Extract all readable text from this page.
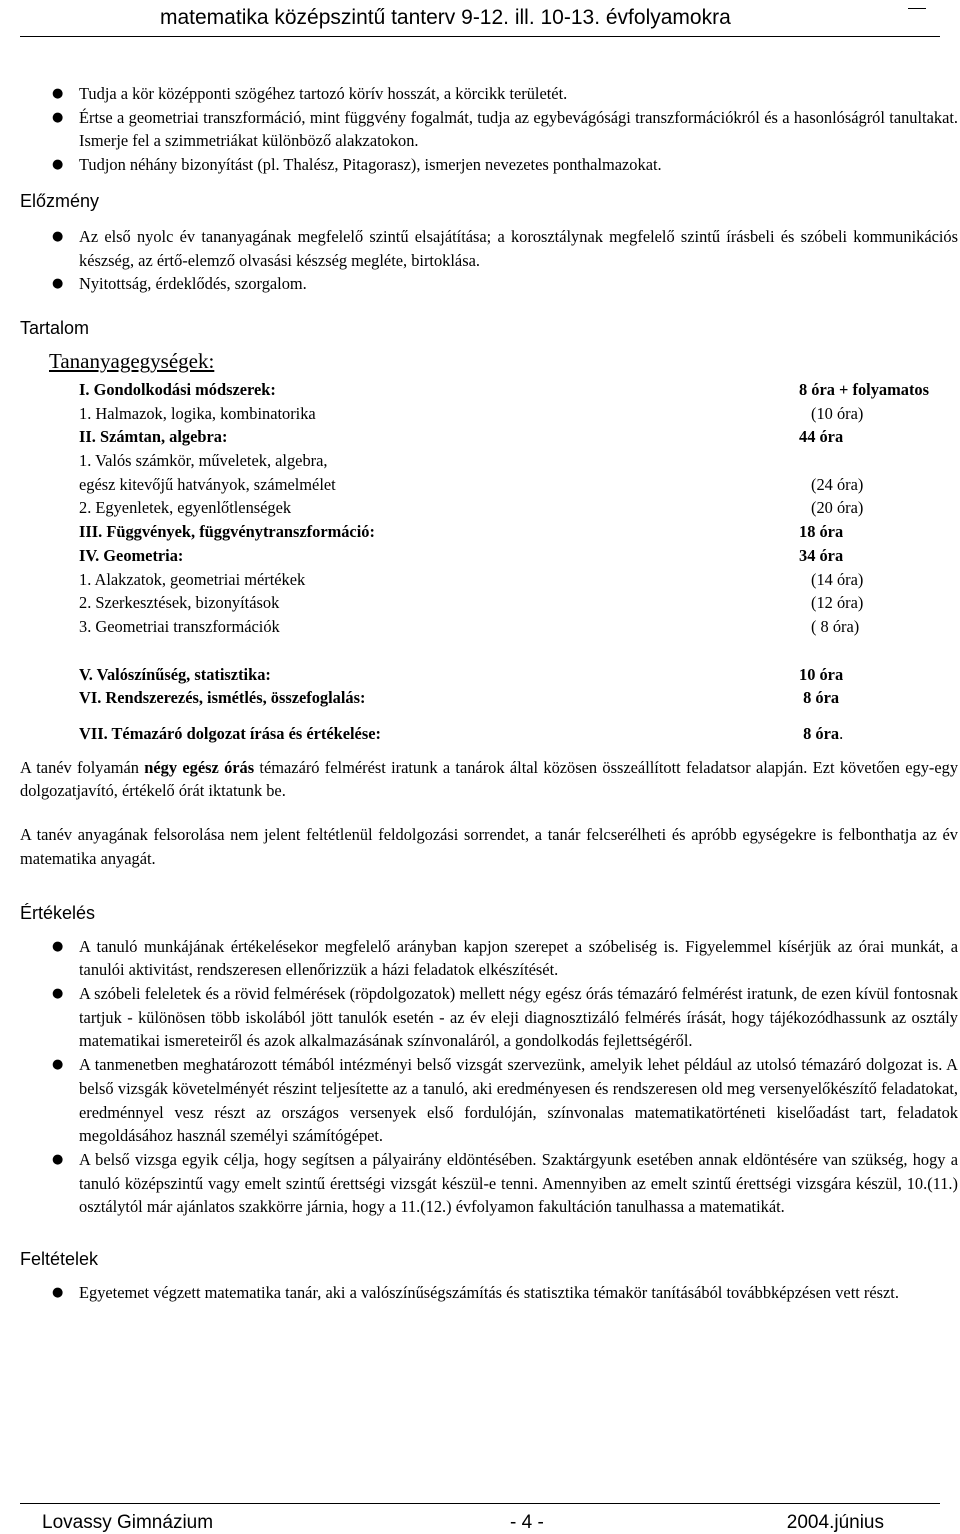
matematika középszintű tanterv 9-12. ill. 10-13. évfolyamokra
● Tudja a kör középponti szögéhez tartozó körív hosszát, a körcikk területét.
● Értse a geometriai transzformáció, mint függvény fogalmát, tudja az egybevágósági transzformációkról és a hasonlóságról tanultakat. Ismerje fel a szimmetriákat különböző alakzatokon.
● Tudjon néhány bizonyítást (pl. Thalész, Pitagorasz), ismerjen nevezetes ponthalmazokat.
Előzmény
● Az első nyolc év tananyagának megfelelő szintű elsajátítása; a korosztálynak megfelelő szintű írásbeli és szóbeli kommunikációs készség, az értő-elemző olvasási készség megléte, birtoklása.
● Nyitottság, érdeklődés, szorgalom.
Tartalom
Tananyagegységek:
I. Gondolkodási módszerek:	8 óra + folyamatos
1. Halmazok, logika, kombinatorika	(10 óra)
II. Számtan, algebra:	44 óra
1. Valós számkör, műveletek, algebra,	
egész kitevőjű hatványok, számelmélet	(24 óra)
2. Egyenletek, egyenlőtlenségek	(20 óra)
III. Függvények, függvénytranszformáció:	18 óra
IV. Geometria:	34 óra
1. Alakzatok, geometriai mértékek	(14 óra)
2. Szerkesztések, bizonyítások	(12 óra)
3. Geometriai transzformációk	( 8 óra)

V. Valószínűség, statisztika:	10 óra
VI. Rendszerezés, ismétlés, összefoglalás:	8 óra
VII. Témazáró dolgozat írása és értékelése:	8 óra.

A tanév folyamán négy egész órás témazáró felmérést iratunk a tanárok által közösen összeállított feladatsor alapján. Ezt követően egy-egy dolgozatjavító, értékelő órát iktatunk be.

A tanév anyagának felsorolása nem jelent feltétlenül feldolgozási sorrendet, a tanár felcserélheti és apróbb egységekre is felbonthatja az év matematika anyagát.

Értékelés
● A tanuló munkájának értékelésekor megfelelő arányban kapjon szerepet a szóbeliség is. Figyelemmel kísérjük az órai munkát, a tanulói aktivitást, rendszeresen ellenőrizzük a házi feladatok elkészítését.
● A szóbeli feleletek és a rövid felmérések (röpdolgozatok) mellett négy egész órás témazáró felmérést iratunk, de ezen kívül fontosnak tartjuk - különösen több iskolából jött tanulók esetén - az év eleji diagnosztizáló felmérés írását, hogy tájékozódhassunk az osztály matematikai ismereteiről és azok alkalmazásának színvonaláról, a gondolkodás fejlettségéről.
● A tanmenetben meghatározott témából intézményi belső vizsgát szervezünk, amelyik lehet például az utolsó témazáró dolgozat is. A belső vizsgák követelményét részint teljesítette az a tanuló, aki eredményesen és rendszeresen old meg versenyelőkészítő feladatokat, eredménnyel vesz részt az országos versenyek első fordulóján, színvonalas matematikatörténeti kiselőadást tart, feladatok megoldásához használ személyi számítógépet.
● A belső vizsga egyik célja, hogy segítsen a pályairány eldöntésében. Szaktárgyunk esetében annak eldöntésére van szükség, hogy a tanuló középszintű vagy emelt szintű érettségi vizsgát készül-e tenni. Amennyiben az emelt szintű érettségi vizsgára készül, 10.(11.) osztálytól már ajánlatos szakkörre járnia, hogy a 11.(12.) évfolyamon fakultáción tanulhassa a matematikát.
Feltételek
● Egyetemet végzett matematika tanár, aki a valószínűségszámítás és statisztika témakör tanításából továbbképzésen vett részt.
Lovassy Gimnázium	- 4 -	2004.június
